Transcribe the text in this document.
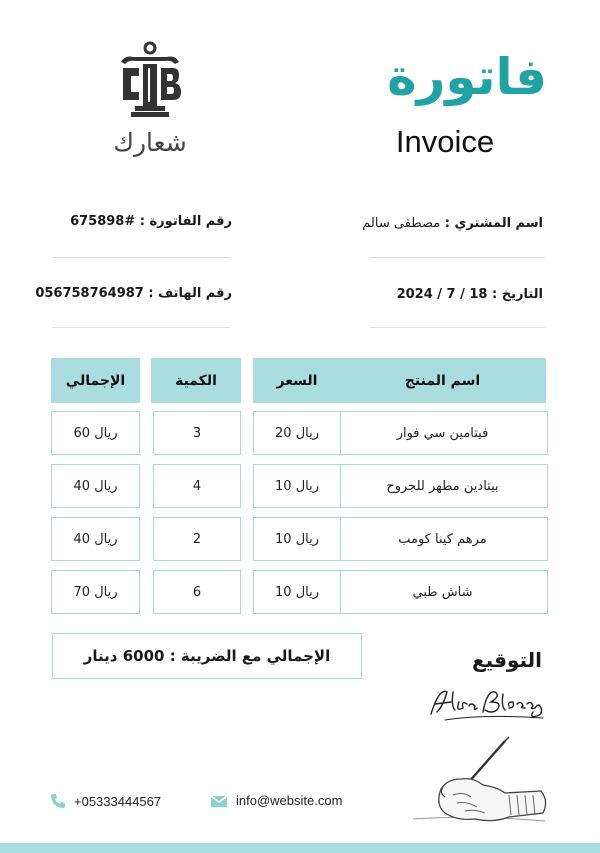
فاتورة
Invoice
شعارك
اسم المشتري : مصطفى سالم
رقم الفاتورة : #675898
التاريخ : 2024 / 7 / 18
رقم الهاتف : 056758764987
اسم المنتج
السعر
الكمية
الإجمالي
فيتامين سي فوار
20 ريال
3
60 ريال
بيتادين مطهر للجروح
10 ريال
4
40 ريال
مرهم كينا كومب
10 ريال
2
40 ريال
شاش طبي
10 ريال
6
70 ريال
الإجمالي مع الضريبة : 6000 دينار	التوقيع
+05333444567	info@website.com
